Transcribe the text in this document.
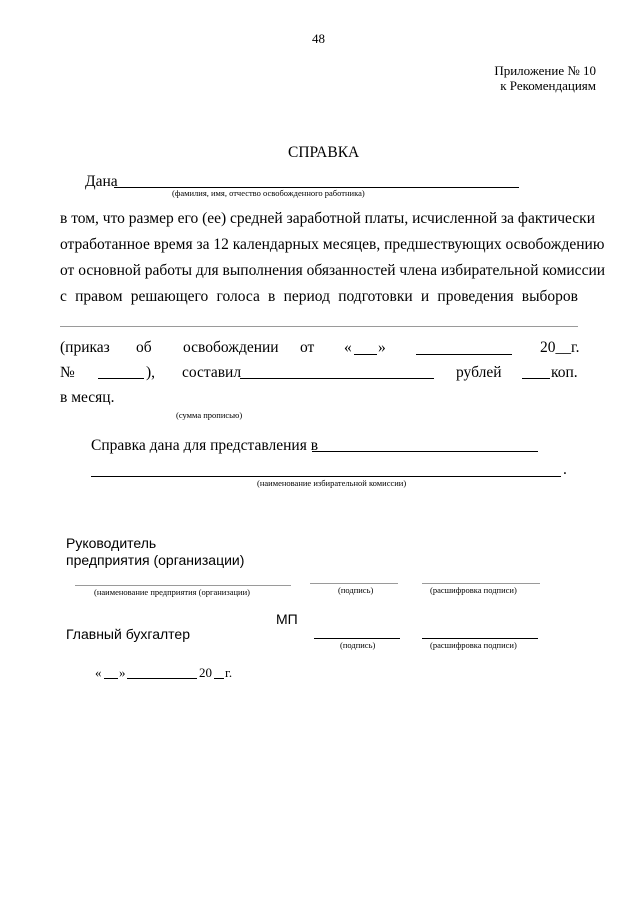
48
Приложение № 10
к Рекомендациям
СПРАВКА
Дана
(фамилия, имя, отчество освобожденного работника)
в том, что размер его (ее) средней заработной платы, исчисленной за фактически
отработанное время за 12 календарных месяцев, предшествующих освобождению
от основной работы для выполнения обязанностей члена избирательной комиссии
с правом решающего голоса в период подготовки и проведения выборов
(приказ об освобождении от « »	20__г.
№	), составил	рублей	коп.
в месяц.
(сумма прописью)
Справка дана для представления в
.
(наименование избирательной комиссии)
Руководитель
предприятия (организации)
(наименование предприятия (организации)	(подпись)	(расшифровка подписи)
МП
Главный бухгалтер
(подпись)	(расшифровка подписи)
« »	20 г.
